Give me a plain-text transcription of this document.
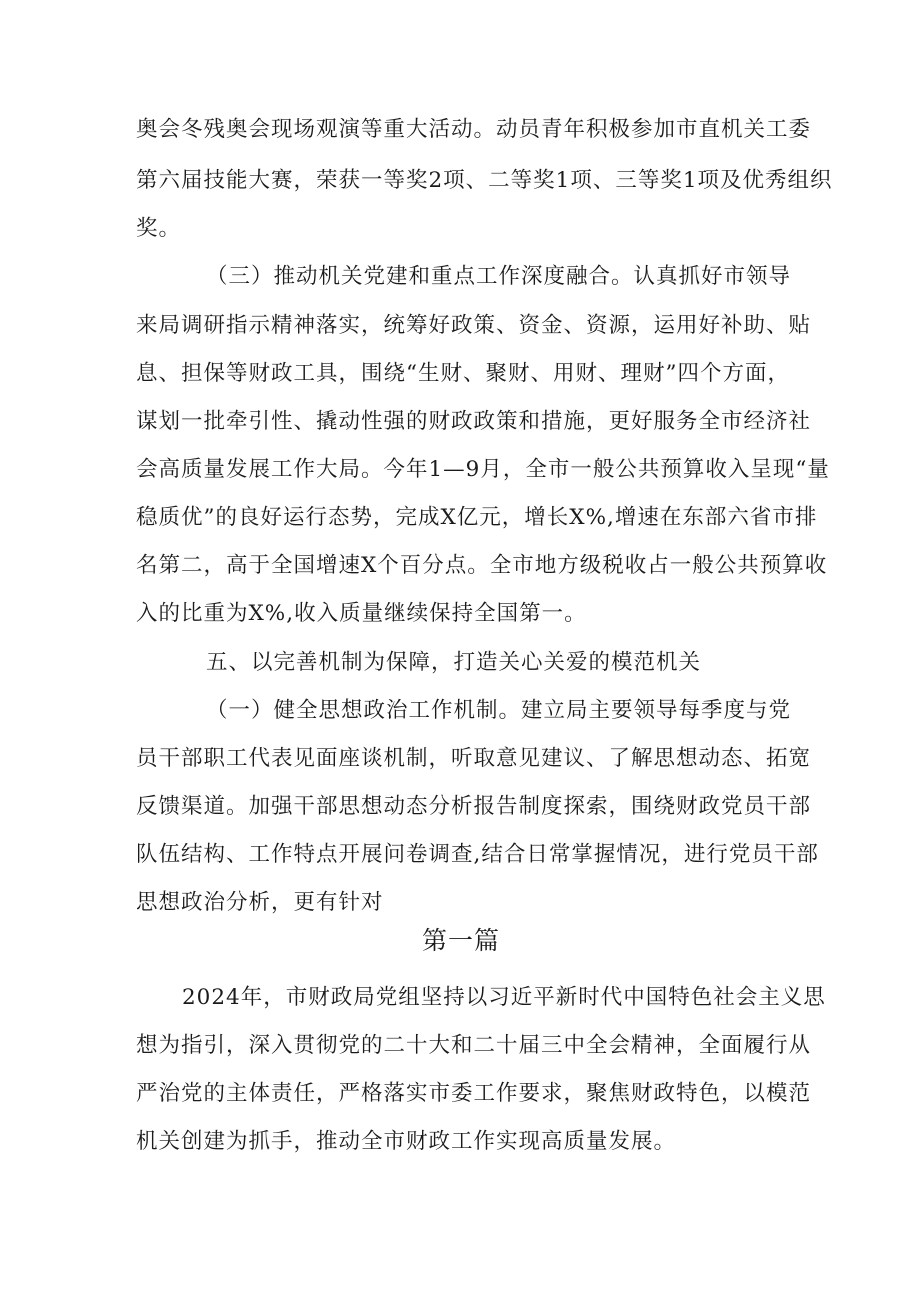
奥会冬残奥会现场观演等重大活动。动员青年积极参加市直机关工委
第六届技能大赛，荣获一等奖2项、二等奖1项、三等奖1项及优秀组织
奖。
（三）推动机关党建和重点工作深度融合。认真抓好市领导
来局调研指示精神落实，统筹好政策、资金、资源，运用好补助、贴
息、担保等财政工具，围绕“生财、聚财、用财、理财”四个方面，
谋划一批牵引性、撬动性强的财政政策和措施，更好服务全市经济社
会高质量发展工作大局。今年1—9月，全市一般公共预算收入呈现“量
稳质优”的良好运行态势，完成X亿元，增长X%,增速在东部六省市排
名第二，高于全国增速X个百分点。全市地方级税收占一般公共预算收
入的比重为X%,收入质量继续保持全国第一。
五、以完善机制为保障，打造关心关爱的模范机关
（一）健全思想政治工作机制。建立局主要领导每季度与党
员干部职工代表见面座谈机制，听取意见建议、了解思想动态、拓宽
反馈渠道。加强干部思想动态分析报告制度探索，围绕财政党员干部
队伍结构、工作特点开展问卷调查,结合日常掌握情况，进行党员干部
思想政治分析，更有针对
第一篇
2024年，市财政局党组坚持以习近平新时代中国特色社会主义思
想为指引，深入贯彻党的二十大和二十届三中全会精神，全面履行从
严治党的主体责任，严格落实市委工作要求，聚焦财政特色，以模范
机关创建为抓手，推动全市财政工作实现高质量发展。
